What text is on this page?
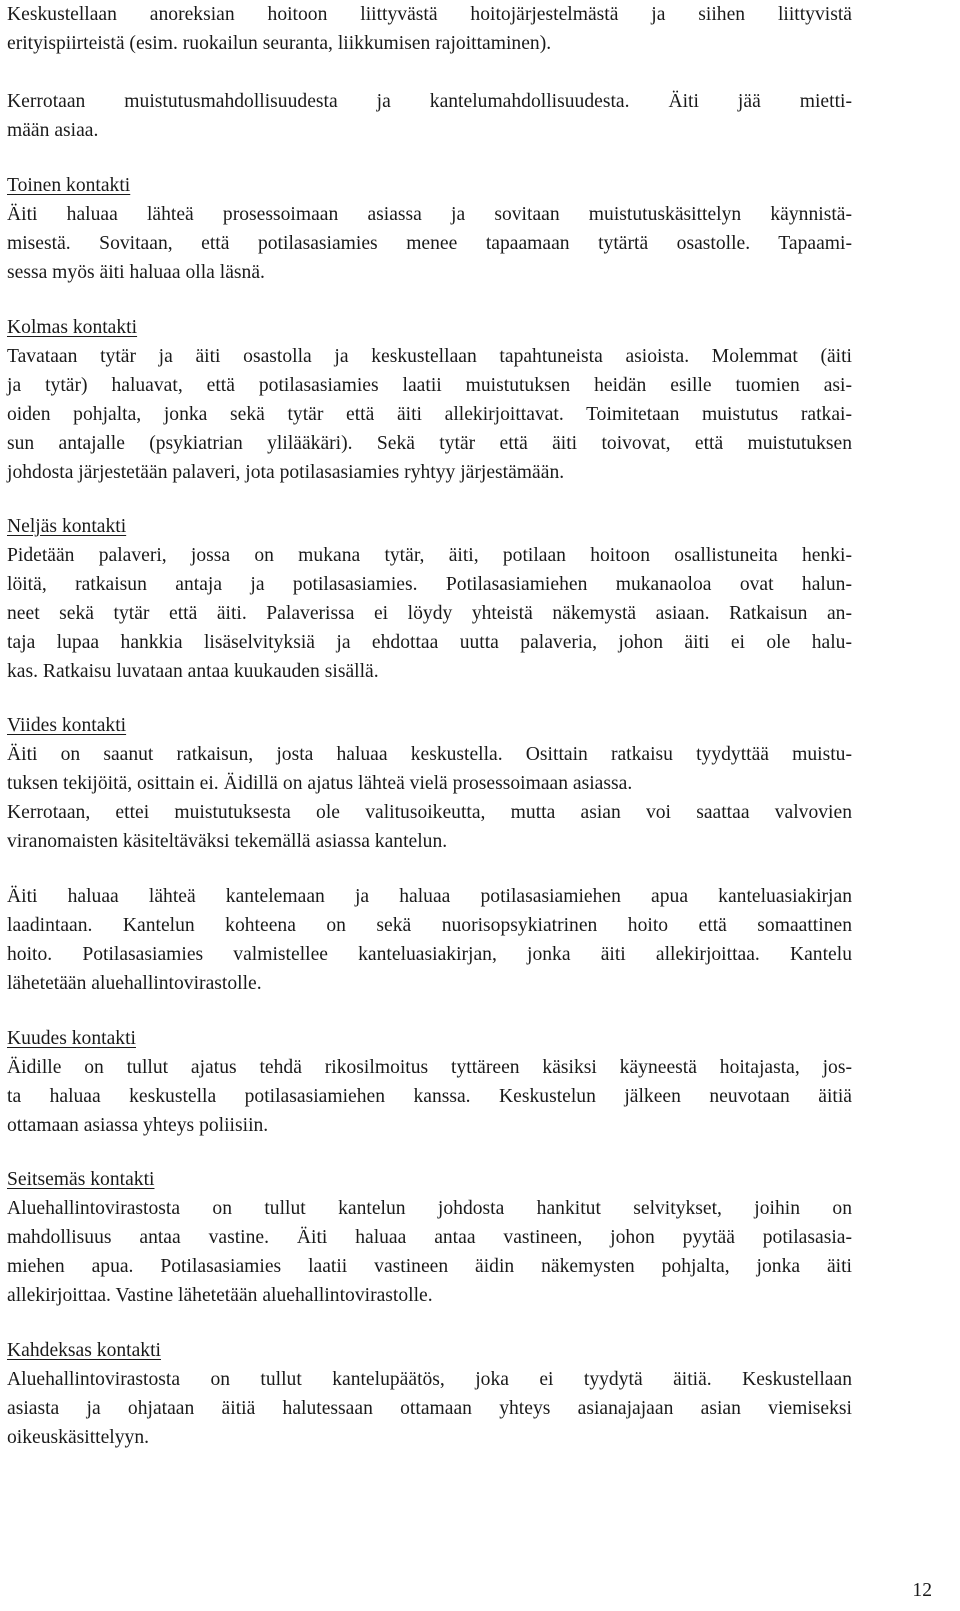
Keskustellaan anoreksian hoitoon liittyvästä hoitojärjestelmästä ja siihen liittyvistä
erityispiirteistä (esim. ruokailun seuranta, liikkumisen rajoittaminen).
Kerrotaan muistutusmahdollisuudesta ja kantelumahdollisuudesta. Äiti jää mietti-
mään asiaa.
Toinen kontakti
Äiti haluaa lähteä prosessoimaan asiassa ja sovitaan muistutuskäsittelyn käynnistä-
misestä. Sovitaan, että potilasasiamies menee tapaamaan tytärtä osastolle. Tapaami-
sessa myös äiti haluaa olla läsnä.
Kolmas kontakti
Tavataan tytär ja äiti osastolla ja keskustellaan tapahtuneista asioista. Molemmat (äiti
ja tytär) haluavat, että potilasasiamies laatii muistutuksen heidän esille tuomien asi-
oiden pohjalta, jonka sekä tytär että äiti allekirjoittavat. Toimitetaan muistutus ratkai-
sun antajalle (psykiatrian ylilääkäri). Sekä tytär että äiti toivovat, että muistutuksen
johdosta järjestetään palaveri, jota potilasasiamies ryhtyy järjestämään.
Neljäs kontakti
Pidetään palaveri, jossa on mukana tytär, äiti, potilaan hoitoon osallistuneita henki-
löitä, ratkaisun antaja ja potilasasiamies. Potilasasiamiehen mukanaoloa ovat halun-
neet sekä tytär että äiti. Palaverissa ei löydy yhteistä näkemystä asiaan. Ratkaisun an-
taja lupaa hankkia lisäselvityksiä ja ehdottaa uutta palaveria, johon äiti ei ole halu-
kas. Ratkaisu luvataan antaa kuukauden sisällä.
Viides kontakti
Äiti on saanut ratkaisun, josta haluaa keskustella. Osittain ratkaisu tyydyttää muistu-
tuksen tekijöitä, osittain ei. Äidillä on ajatus lähteä vielä prosessoimaan asiassa.
Kerrotaan, ettei muistutuksesta ole valitusoikeutta, mutta asian voi saattaa valvovien
viranomaisten käsiteltäväksi tekemällä asiassa kantelun.
Äiti haluaa lähteä kantelemaan ja haluaa potilasasiamiehen apua kanteluasiakirjan
laadintaan. Kantelun kohteena on sekä nuorisopsykiatrinen hoito että somaattinen
hoito. Potilasasiamies valmistellee kanteluasiakirjan, jonka äiti allekirjoittaa. Kantelu
lähetetään aluehallintovirastolle.
Kuudes kontakti
Äidille on tullut ajatus tehdä rikosilmoitus tyttäreen käsiksi käyneestä hoitajasta, jos-
ta haluaa keskustella potilasasiamiehen kanssa. Keskustelun jälkeen neuvotaan äitiä
ottamaan asiassa yhteys poliisiin.
Seitsemäs kontakti
Aluehallintovirastosta on tullut kantelun johdosta hankitut selvitykset, joihin on
mahdollisuus antaa vastine. Äiti haluaa antaa vastineen, johon pyytää potilasasia-
miehen apua. Potilasasiamies laatii vastineen äidin näkemysten pohjalta, jonka äiti
allekirjoittaa. Vastine lähetetään aluehallintovirastolle.
Kahdeksas kontakti
Aluehallintovirastosta on tullut kantelupäätös, joka ei tyydytä äitiä. Keskustellaan
asiasta ja ohjataan äitiä halutessaan ottamaan yhteys asianajajaan asian viemiseksi
oikeuskäsittelyyn.
12
